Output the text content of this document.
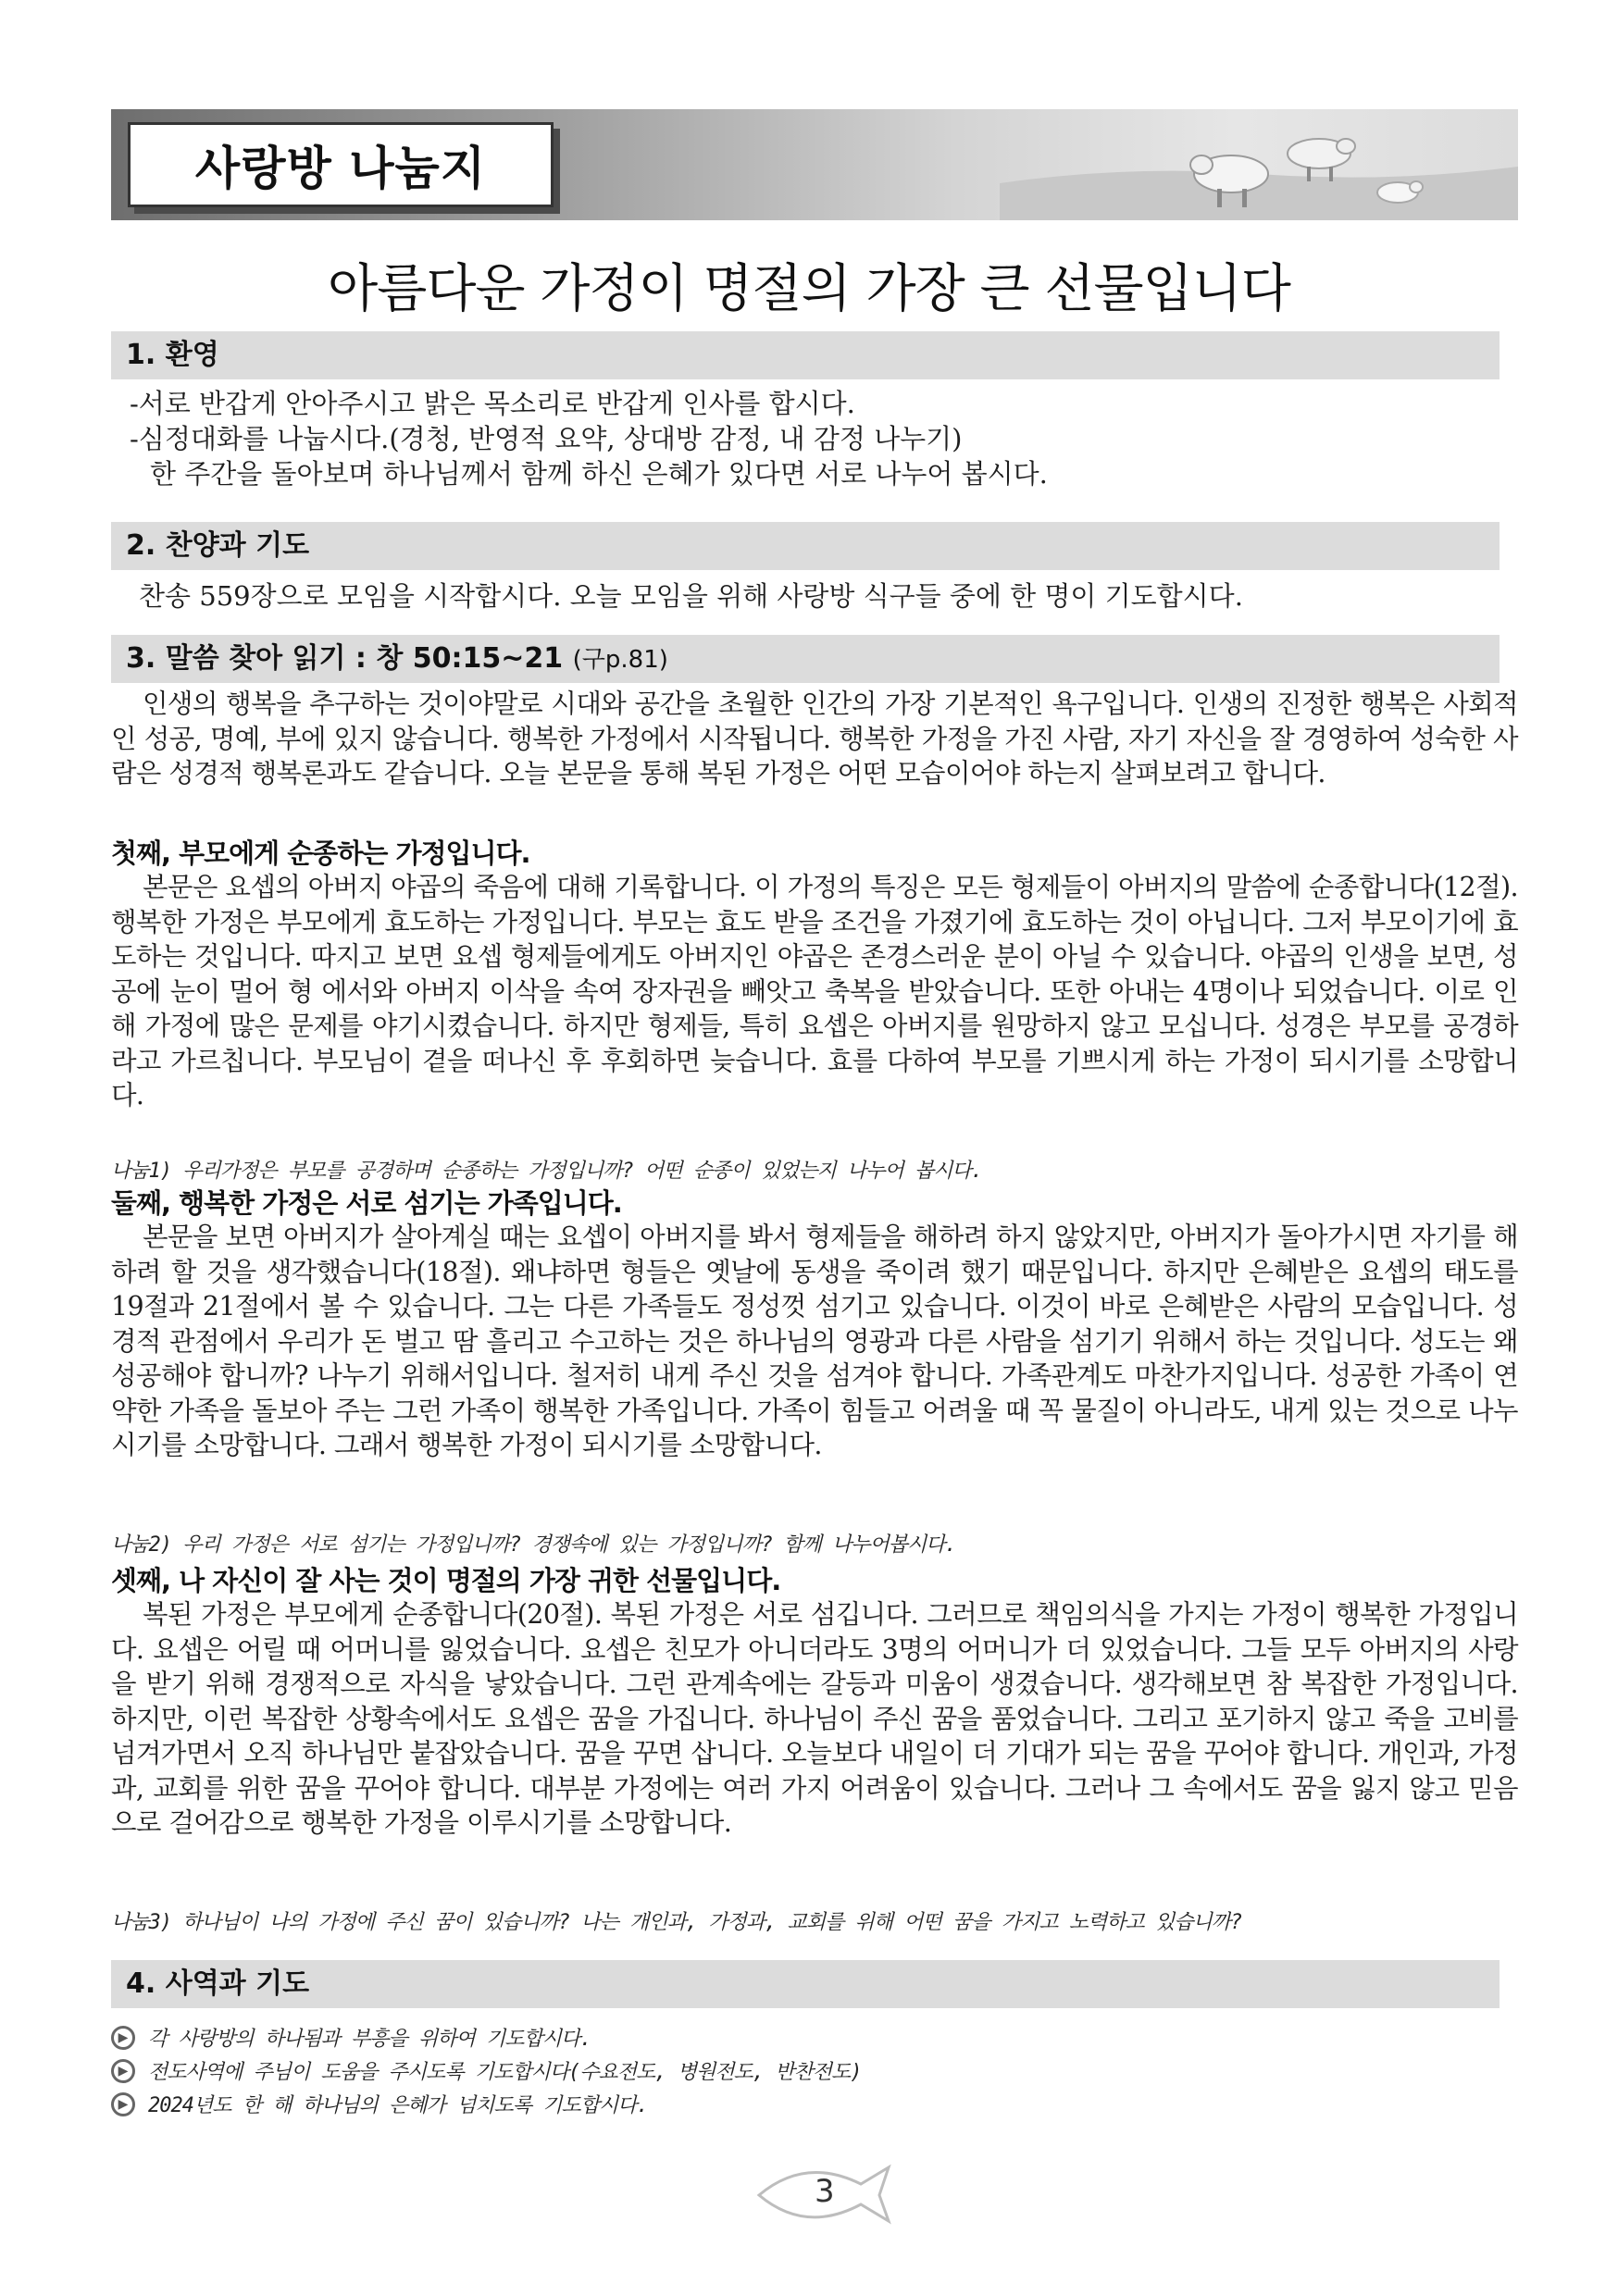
사랑방 나눔지
아름다운 가정이 명절의 가장 큰 선물입니다
1. 환영

-서로 반갑게 안아주시고 밝은 목소리로 반갑게 인사를 합시다.

-심정대화를 나눕시다.(경청, 반영적 요약, 상대방 감정, 내 감정 나누기)

한 주간을 돌아보며 하나님께서 함께 하신 은혜가 있다면 서로 나누어 봅시다.

2. 찬양과 기도

찬송 559장으로 모임을 시작합시다. 오늘 모임을 위해 사랑방 식구들 중에 한 명이 기도합시다.

3. 말씀 찾아 읽기 : 창 50:15~21 (구p.81)

인생의 행복을 추구하는 것이야말로 시대와 공간을 초월한 인간의 가장 기본적인 욕구입니다. 인생의 진정한 행복은 사회적인 성공, 명예, 부에 있지 않습니다. 행복한 가정에서 시작됩니다. 행복한 가정을 가진 사람, 자기 자신을 잘 경영하여 성숙한 사람은 성경적 행복론과도 같습니다. 오늘 본문을 통해 복된 가정은 어떤 모습이어야 하는지 살펴보려고 합니다.

첫째, 부모에게 순종하는 가정입니다.

본문은 요셉의 아버지 야곱의 죽음에 대해 기록합니다. 이 가정의 특징은 모든 형제들이 아버지의 말씀에 순종합니다(12절). 행복한 가정은 부모에게 효도하는 가정입니다. 부모는 효도 받을 조건을 가졌기에 효도하는 것이 아닙니다. 그저 부모이기에 효도하는 것입니다. 따지고 보면 요셉 형제들에게도 아버지인 야곱은 존경스러운 분이 아닐 수 있습니다. 야곱의 인생을 보면, 성공에 눈이 멀어 형 에서와 아버지 이삭을 속여 장자권을 빼앗고 축복을 받았습니다. 또한 아내는 4명이나 되었습니다. 이로 인해 가정에 많은 문제를 야기시켰습니다. 하지만 형제들, 특히 요셉은 아버지를 원망하지 않고 모십니다. 성경은 부모를 공경하라고 가르칩니다. 부모님이 곁을 떠나신 후 후회하면 늦습니다. 효를 다하여 부모를 기쁘시게 하는 가정이 되시기를 소망합니다.

나눔1) 우리가정은 부모를 공경하며 순종하는 가정입니까? 어떤 순종이 있었는지 나누어 봅시다.

둘째, 행복한 가정은 서로 섬기는 가족입니다.

본문을 보면 아버지가 살아계실 때는 요셉이 아버지를 봐서 형제들을 해하려 하지 않았지만, 아버지가 돌아가시면 자기를 해하려 할 것을 생각했습니다(18절). 왜냐하면 형들은 옛날에 동생을 죽이려 했기 때문입니다. 하지만 은혜받은 요셉의 태도를 19절과 21절에서 볼 수 있습니다. 그는 다른 가족들도 정성껏 섬기고 있습니다. 이것이 바로 은혜받은 사람의 모습입니다. 성경적 관점에서 우리가 돈 벌고 땀 흘리고 수고하는 것은 하나님의 영광과 다른 사람을 섬기기 위해서 하는 것입니다. 성도는 왜 성공해야 합니까? 나누기 위해서입니다. 철저히 내게 주신 것을 섬겨야 합니다. 가족관계도 마찬가지입니다. 성공한 가족이 연약한 가족을 돌보아 주는 그런 가족이 행복한 가족입니다. 가족이 힘들고 어려울 때 꼭 물질이 아니라도, 내게 있는 것으로 나누시기를 소망합니다. 그래서 행복한 가정이 되시기를 소망합니다.

나눔2) 우리 가정은 서로 섬기는 가정입니까? 경쟁속에 있는 가정입니까? 함께 나누어봅시다.

셋째, 나 자신이 잘 사는 것이 명절의 가장 귀한 선물입니다.

복된 가정은 부모에게 순종합니다(20절). 복된 가정은 서로 섬깁니다. 그러므로 책임의식을 가지는 가정이 행복한 가정입니다. 요셉은 어릴 때 어머니를 잃었습니다. 요셉은 친모가 아니더라도 3명의 어머니가 더 있었습니다. 그들 모두 아버지의 사랑을 받기 위해 경쟁적으로 자식을 낳았습니다. 그런 관계속에는 갈등과 미움이 생겼습니다. 생각해보면 참 복잡한 가정입니다. 하지만, 이런 복잡한 상황속에서도 요셉은 꿈을 가집니다. 하나님이 주신 꿈을 품었습니다. 그리고 포기하지 않고 죽을 고비를 넘겨가면서 오직 하나님만 붙잡았습니다. 꿈을 꾸면 삽니다. 오늘보다 내일이 더 기대가 되는 꿈을 꾸어야 합니다. 개인과, 가정과, 교회를 위한 꿈을 꾸어야 합니다. 대부분 가정에는 여러 가지 어려움이 있습니다. 그러나 그 속에서도 꿈을 잃지 않고 믿음으로 걸어감으로 행복한 가정을 이루시기를 소망합니다.

나눔3) 하나님이 나의 가정에 주신 꿈이 있습니까? 나는 개인과, 가정과, 교회를 위해 어떤 꿈을 가지고 노력하고 있습니까?

4. 사역과 기도
▶ 각 사랑방의 하나됨과 부흥을 위하여 기도합시다.
▶ 전도사역에 주님이 도움을 주시도록 기도합시다(수요전도, 병원전도, 반찬전도)
▶ 2024년도 한 해 하나님의 은혜가 넘치도록 기도합시다.
3
